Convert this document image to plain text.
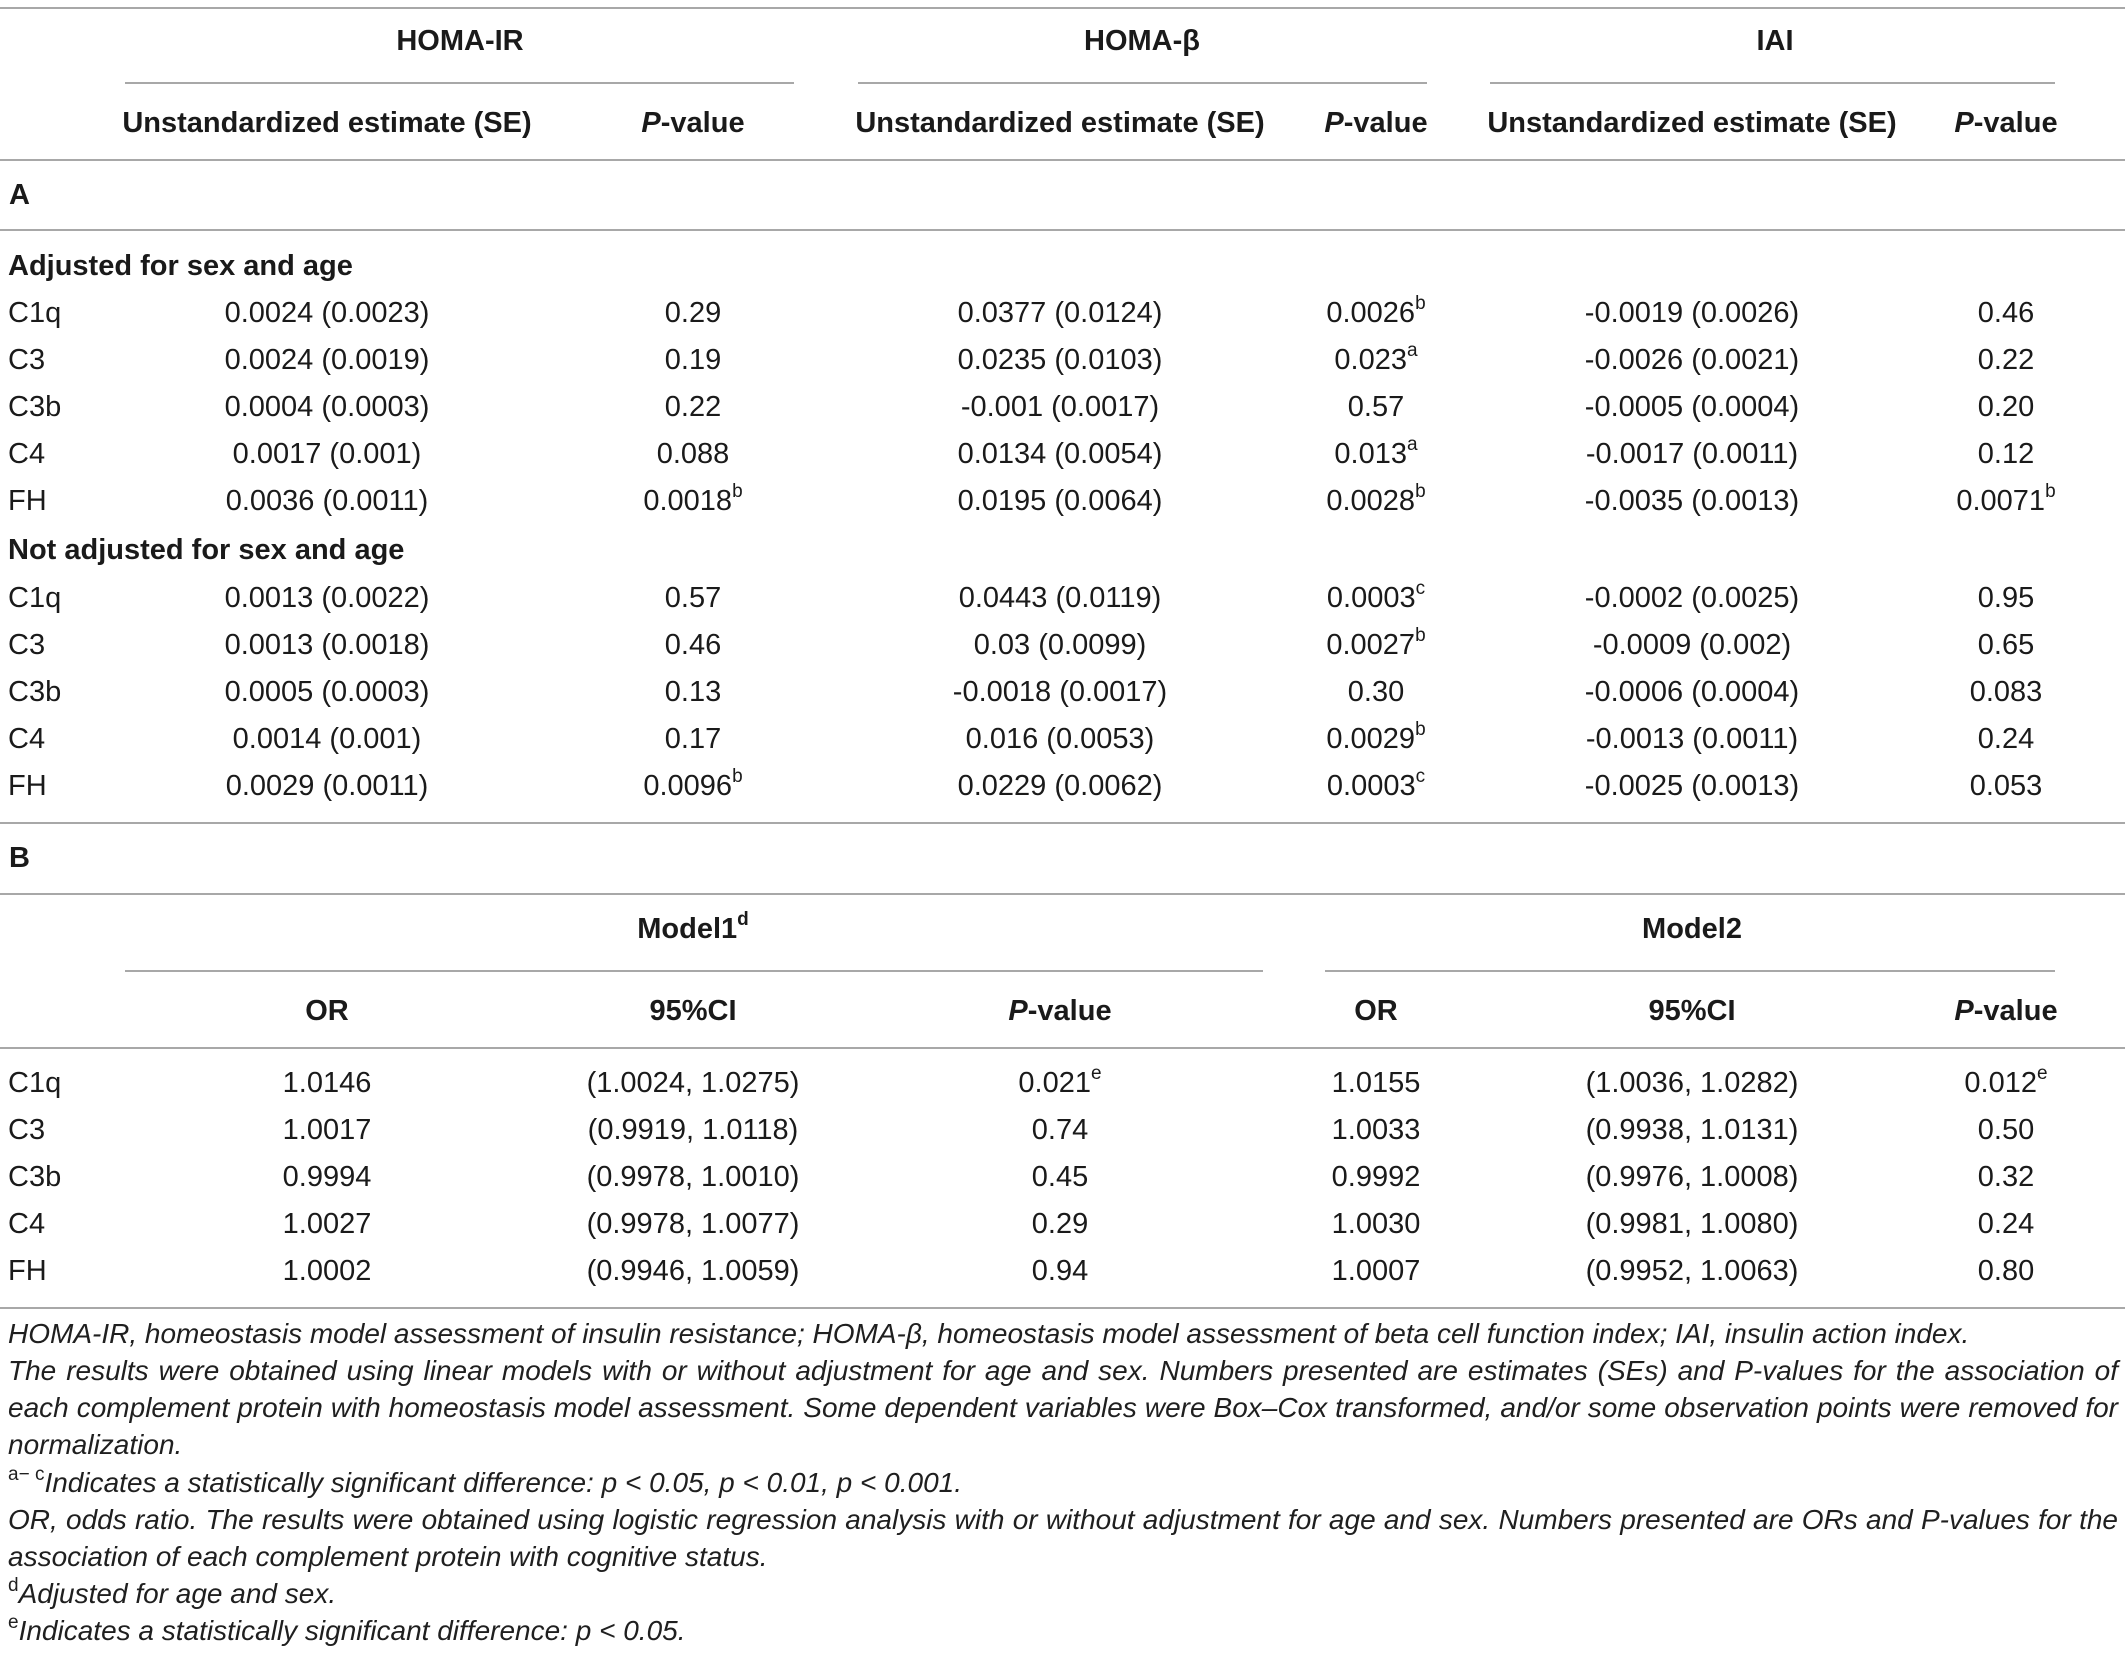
HOMA-IR	HOMA-β	IAI
Unstandardized estimate (SE)	P-value	Unstandardized estimate (SE) P-value Unstandardized estimate (SE) P-value
A
Adjusted for sex and age
C1q	0.0024 (0.0023)	0.29	0.0377 (0.0124)	0.0026$^b$	-0.0019 (0.0026)	0.46
C3	0.0024 (0.0019)	0.19	0.0235 (0.0103)	0.023$^a$	-0.0026 (0.0021)	0.22
C3b	0.0004 (0.0003)	0.22	-0.001 (0.0017)	0.57	-0.0005 (0.0004)	0.20
C4	0.0017 (0.001)	0.088	0.0134 (0.0054)	0.013$^a$	-0.0017 (0.0011)	0.12
FH	0.0036 (0.0011)	0.0018$^b$	0.0195 (0.0064)	0.0028$^b$	-0.0035 (0.0013)	0.0071$^b$
Not adjusted for sex and age
C1q	0.0013 (0.0022)	0.57	0.0443 (0.0119)	0.0003$^c$	-0.0002 (0.0025)	0.95
C3	0.0013 (0.0018)	0.46	0.03 (0.0099)	0.0027$^b$	-0.0009 (0.002)	0.65
C3b	0.0005 (0.0003)	0.13	-0.0018 (0.0017)	0.30	-0.0006 (0.0004)	0.083
C4	0.0014 (0.001)	0.17	0.016 (0.0053)	0.0029$^b$	-0.0013 (0.0011)	0.24
FH	0.0029 (0.0011)	0.0096$^b$	0.0229 (0.0062)	0.0003$^c$	-0.0025 (0.0013)	0.053
B
Model1$^d$	Model2
OR	95%CI	P-value	OR	95%CI	P-value
C1q	1.0146	(1.0024, 1.0275)	0.021e	1.0155	(1.0036, 1.0282)	0.012e
C3	1.0017	(0.9919, 1.0118)	0.74	1.0033	(0.9938, 1.0131)	0.50
C3b	0.9994	(0.9978, 1.0010)	0.45	0.9992	(0.9976, 1.0008)	0.32
C4	1.0027	(0.9978, 1.0077)	0.29	1.0030	(0.9981, 1.0080)	0.24
FH	1.0002	(0.9946, 1.0059)	0.94	1.0007	(0.9952, 1.0063)	0.80
HOMA-IR, homeostasis model assessment of insulin resistance; HOMA-β, homeostasis model assessment of beta cell function index; IAI, insulin action index.
The results were obtained using linear models with or without adjustment for age and sex. Numbers presented are estimates (SEs) and P-values for the association of each complement protein with homeostasis model assessment. Some dependent variables were Box–Cox transformed, and/or some observation points were removed for normalization.
$^{a- c}$Indicates a statistically significant difference: p < 0.05, p < 0.01, p < 0.001.
OR, odds ratio. The results were obtained using logistic regression analysis with or without adjustment for age and sex. Numbers presented are ORs and P-values for the association of each complement protein with cognitive status.
$^d$Adjusted for age and sex.
$^e$Indicates a statistically significant difference: p < 0.05.
